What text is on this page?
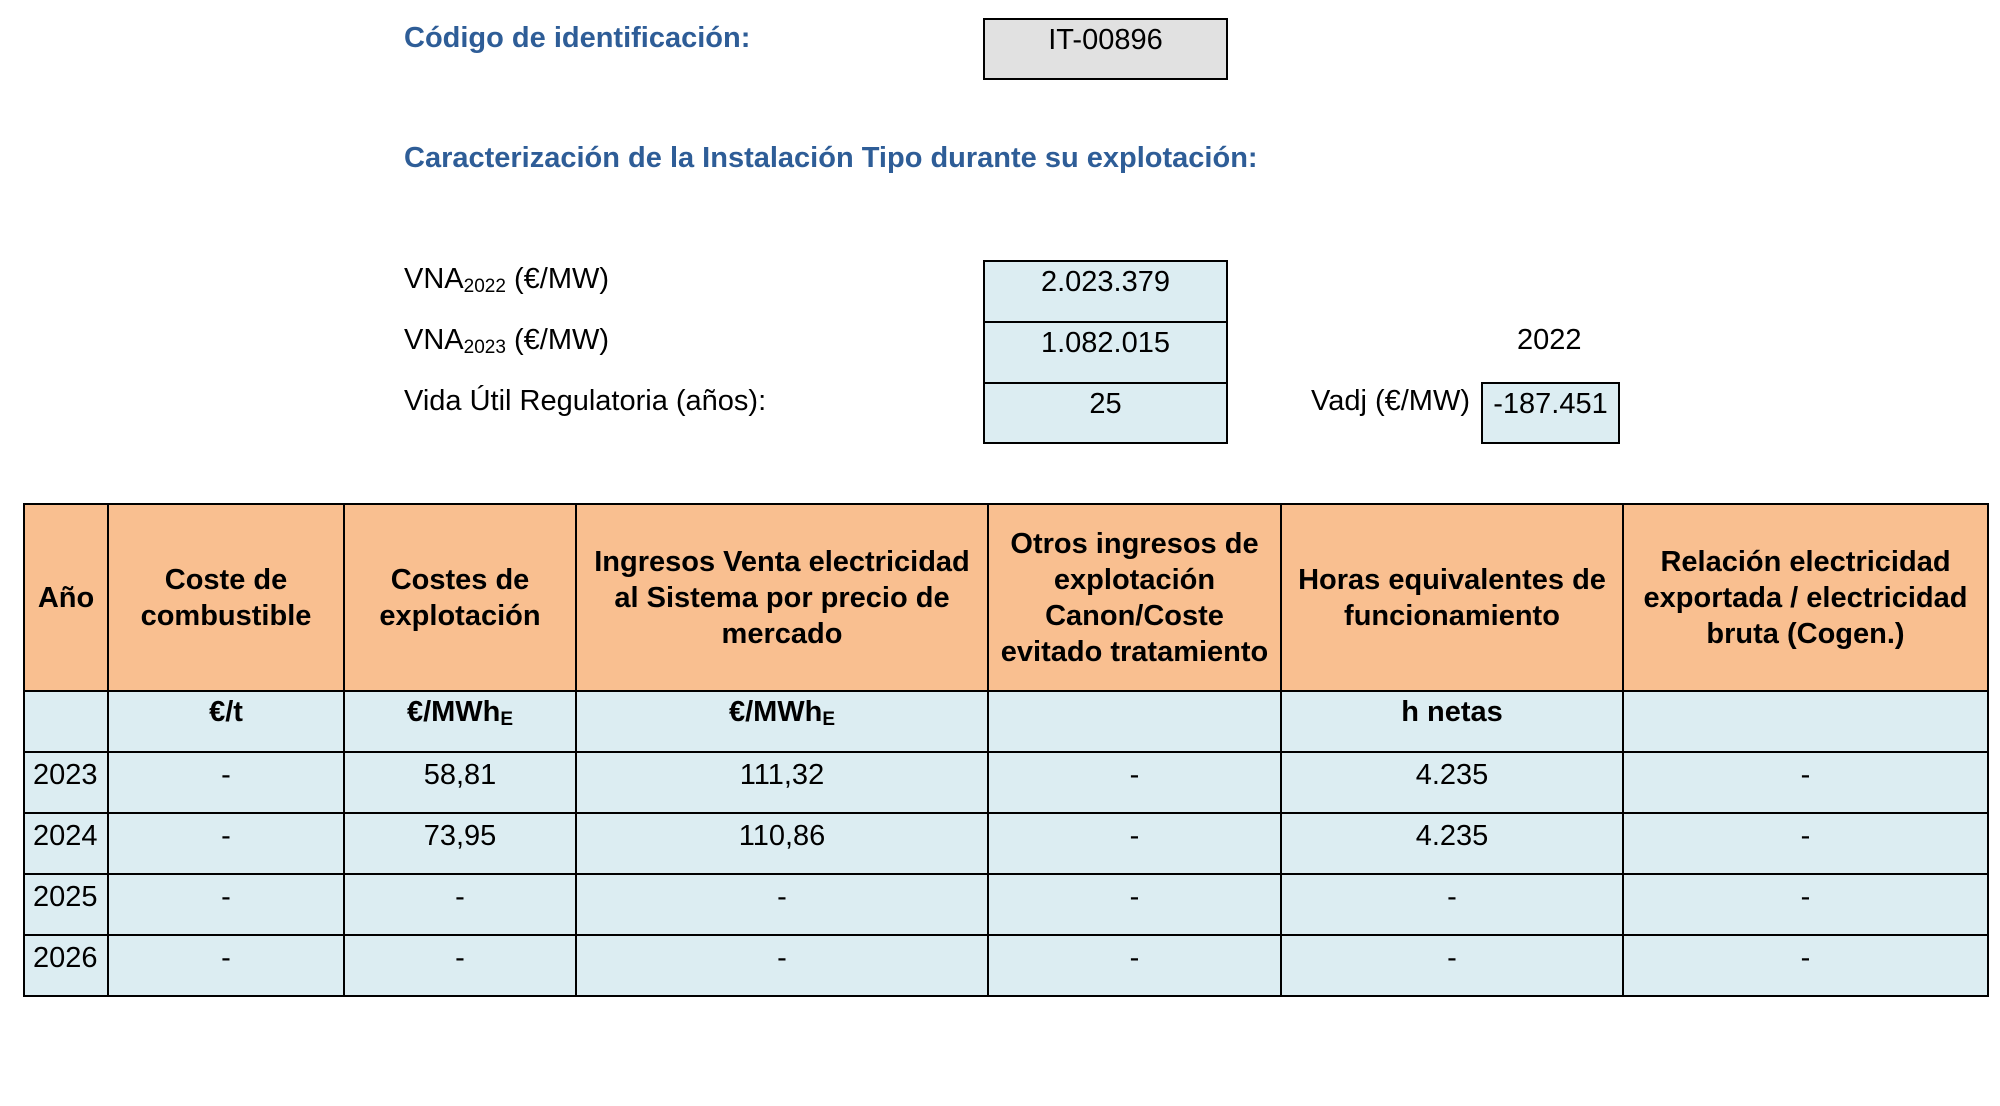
Código de identificación:	IT-00896
Caracterización de la Instalación Tipo durante su explotación:
$VNA_{2022}$ (€/MW)	2.023.379
$VNA_{2023}$ (€/MW)	1.082.015	2022
Vida Útil Regulatoria (años):	25	Vadj (€/MW) -187.451
Año	Coste de combustible	Costes de explotación	Ingresos Venta electricidad al Sistema por precio de mercado	Otros ingresos de explotación Canon/Coste evitado tratamiento	Horas equivalentes de funcionamiento	Relación electricidad exportada / electricidad bruta (Cogen.)
	€/t	€/MWh$_E$	€/MWh$_E$		h netas	
2023	-	58,81	111,32	-	4.235	-
2024	-	73,95	110,86	-	4.235	-
2025	-	-	-	-	-	-
2026	-	-	-	-	-	-
